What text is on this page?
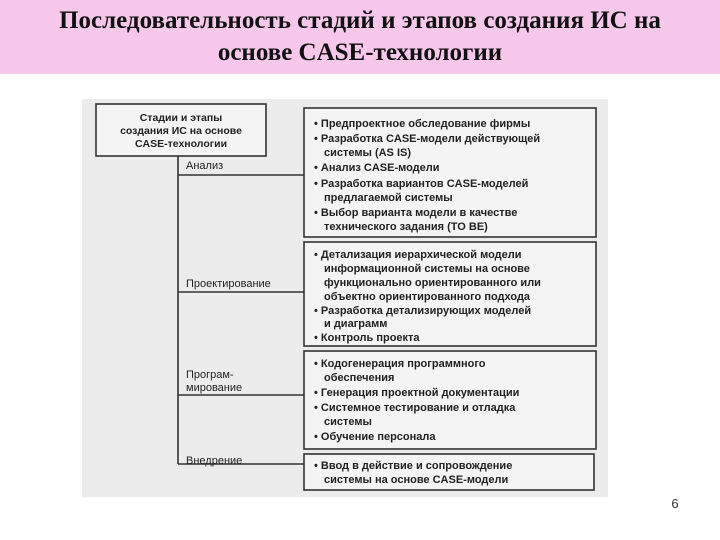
Последовательность стадий и этапов создания ИС на
основе CASE-технологии
Стадии и этапы
создания ИС на основе
CASE-технологии
Анализ
Проектирование
Програм-
мирование
Внедрение
• Предпроектное обследование фирмы
• Разработка CASE-модели действующей
системы (AS IS)
• Анализ CASE-модели
• Разработка вариантов CASE-моделей
предлагаемой системы
• Выбор варианта модели в качестве
технического задания (TO BE)
• Детализация иерархической модели
информационной системы на основе
функционально ориентированного или
объектно ориентированного подхода
• Разработка детализирующих моделей
и диаграмм
• Контроль проекта
• Кодогенерация программного
обеспечения
• Генерация проектной документации
• Системное тестирование и отладка
системы
• Обучение персонала
• Ввод в действие и сопровождение
системы на основе CASE-модели
6
